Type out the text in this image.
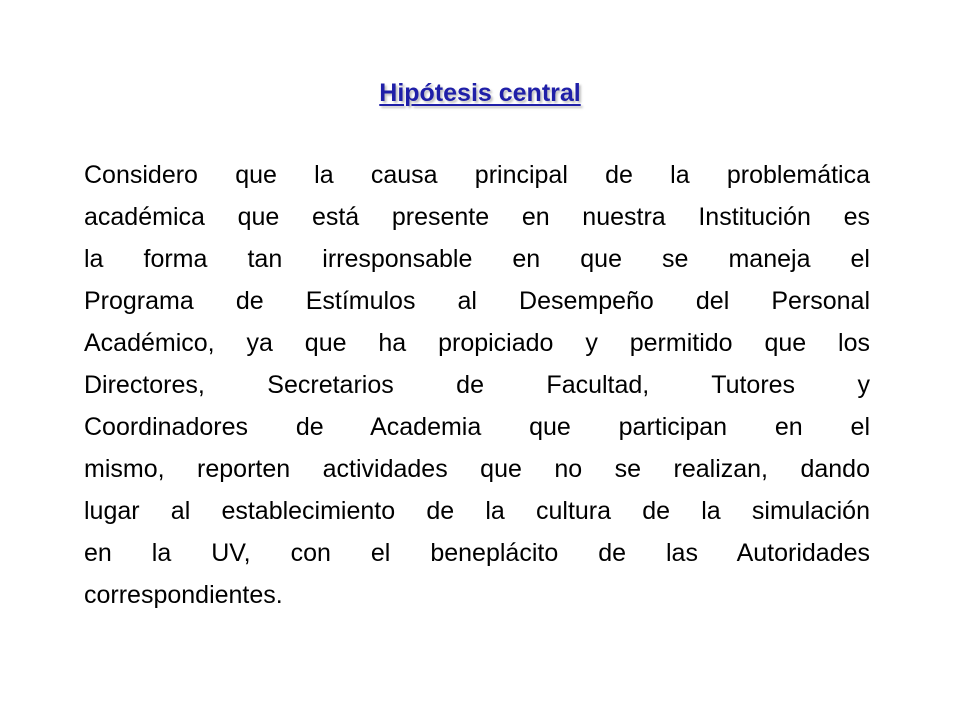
Hipótesis central
Considero que la causa principal de la problemática
académica que está presente en nuestra Institución es
la forma tan irresponsable en que se maneja el
Programa de Estímulos al Desempeño del Personal
Académico, ya que ha propiciado y permitido que los
Directores, Secretarios de Facultad, Tutores y
Coordinadores de Academia que participan en el
mismo, reporten actividades que no se realizan, dando
lugar al establecimiento de la cultura de la simulación
en la UV, con el beneplácito de las Autoridades
correspondientes.
